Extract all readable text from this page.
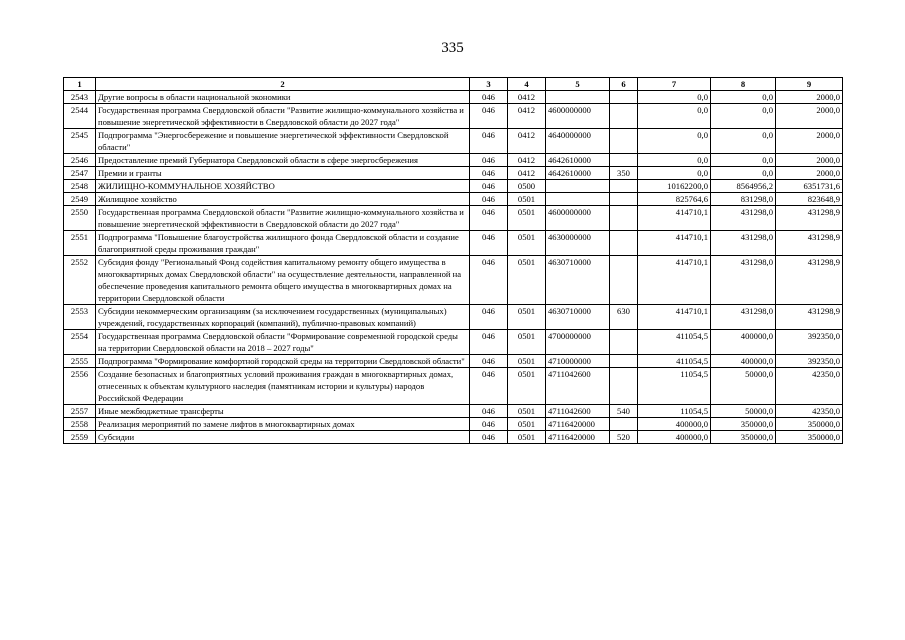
335
1	2	3	4	5	6	7	8	9
2543	Другие вопросы в области национальной экономики	046	0412			0,0	0,0	2000,0
2544	Государственная программа Свердловской области "Развитие жилищно-коммунального хозяйства и повышение энергетической эффективности в Свердловской области до 2027 года"	046	0412	4600000000		0,0	0,0	2000,0
2545	Подпрограмма "Энергосбережение и повышение энергетической эффективности Свердловской области"	046	0412	4640000000		0,0	0,0	2000,0
2546	Предоставление премий Губернатора Свердловской области в сфере энергосбережения	046	0412	4642610000		0,0	0,0	2000,0
2547	Премии и гранты	046	0412	4642610000	350	0,0	0,0	2000,0
2548	ЖИЛИЩНО-КОММУНАЛЬНОЕ ХОЗЯЙСТВО	046	0500			10162200,0	8564956,2	6351731,6
2549	Жилищное хозяйство	046	0501			825764,6	831298,0	823648,9
2550	Государственная программа Свердловской области "Развитие жилищно-коммунального хозяйства и повышение энергетической эффективности в Свердловской области до 2027 года"	046	0501	4600000000		414710,1	431298,0	431298,9
2551	Подпрограмма "Повышение благоустройства жилищного фонда Свердловской области и создание благоприятной среды проживания граждан"	046	0501	4630000000		414710,1	431298,0	431298,9
2552	Субсидия фонду "Региональный Фонд содействия капитальному ремонту общего имущества в многоквартирных домах Свердловской области" на осуществление деятельности, направленной на обеспечение проведения капитального ремонта общего имущества в многоквартирных домах на территории Свердловской области	046	0501	4630710000		414710,1	431298,0	431298,9
2553	Субсидии некоммерческим организациям (за исключением государственных (муниципальных) учреждений, государственных корпораций (компаний), публично-правовых компаний)	046	0501	4630710000	630	414710,1	431298,0	431298,9
2554	Государственная программа Свердловской области "Формирование современной городской среды на территории Свердловской области на 2018 – 2027 годы"	046	0501	4700000000		411054,5	400000,0	392350,0
2555	Подпрограмма "Формирование комфортной городской среды на территории Свердловской области"	046	0501	4710000000		411054,5	400000,0	392350,0
2556	Создание безопасных и благоприятных условий проживания граждан в многоквартирных домах, отнесенных к объектам культурного наследия (памятникам истории и культуры) народов Российской Федерации	046	0501	4711042600		11054,5	50000,0	42350,0
2557	Иные межбюджетные трансферты	046	0501	4711042600	540	11054,5	50000,0	42350,0
2558	Реализация мероприятий по замене лифтов в многоквартирных домах	046	0501	47116420000		400000,0	350000,0	350000,0
2559	Субсидии	046	0501	47116420000	520	400000,0	350000,0	350000,0
